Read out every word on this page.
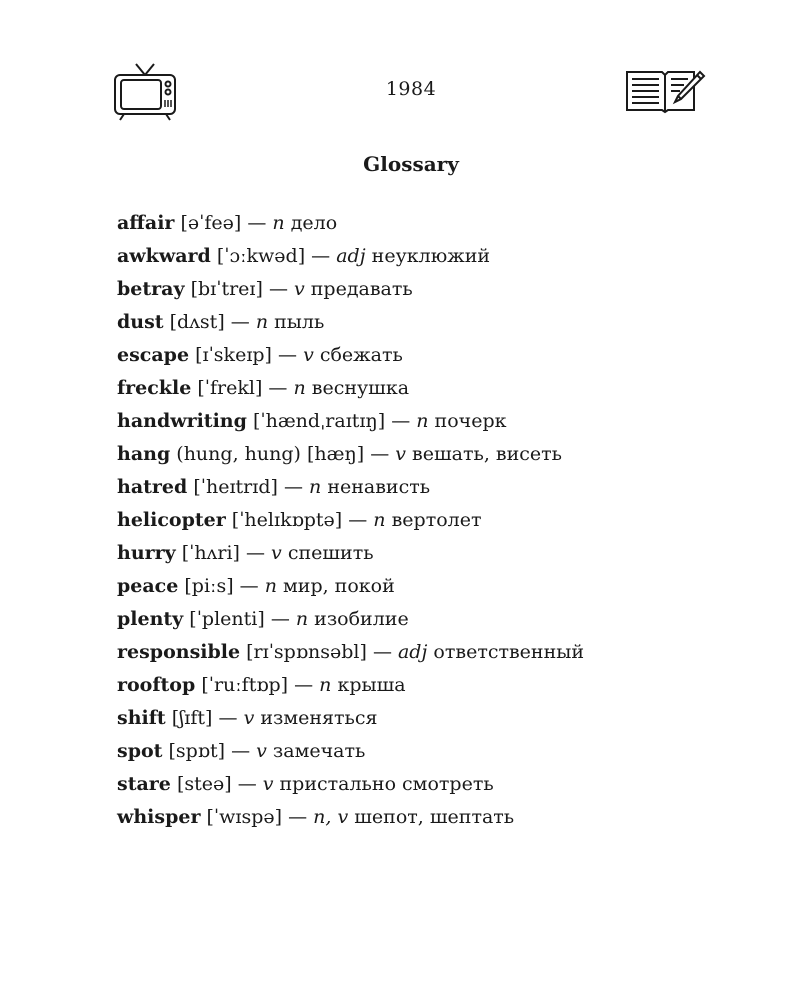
1984
Glossary
affair [əˈfeə] — n дело
awkward [ˈɔːkwəd] — adj неуклюжий
betray [bɪˈtreɪ] — v предавать
dust [dʌst] — n пыль
escape [ɪˈskeɪp] — v сбежать
freckle [ˈfrekl] — n веснушка
handwriting [ˈhændˌraɪtɪŋ] — n почерк
hang (hung, hung) [hæŋ] — v вешать, висеть
hatred [ˈheɪtrɪd] — n ненависть
helicopter [ˈhelɪkɒptə] — n вертолет
hurry [ˈhʌri] — v спешить
peace [piːs] — n мир, покой
plenty [ˈplenti] — n изобилие
responsible [rɪˈspɒnsəbl] — adj ответственный
rooftop [ˈruːftɒp] — n крыша
shift [ʃɪft] — v изменяться
spot [spɒt] — v замечать
stare [steə] — v пристально смотреть
whisper [ˈwɪspə] — n, v шепот, шептать
